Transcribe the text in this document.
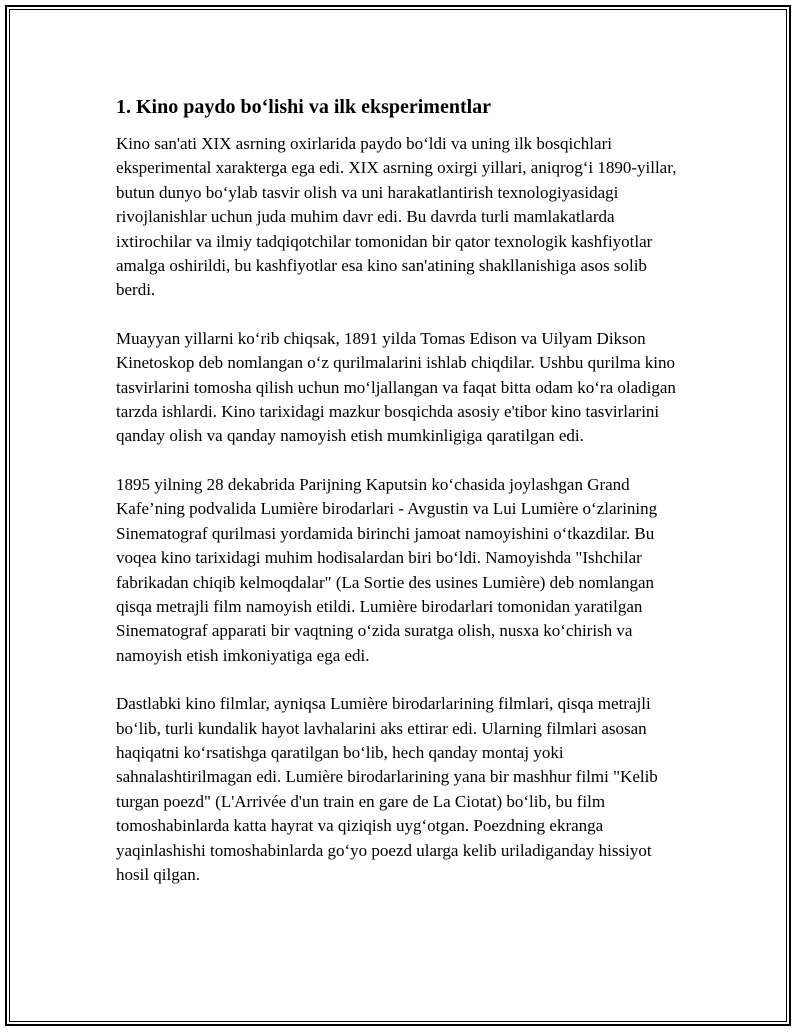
1. Kino paydo bo‘lishi va ilk eksperimentlar

Kino san'ati XIX asrning oxirlarida paydo bo‘ldi va uning ilk bosqichlari eksperimental xarakterga ega edi. XIX asrning oxirgi yillari, aniqrog‘i 1890-yillar, butun dunyo bo‘ylab tasvir olish va uni harakatlantirish texnologiyasidagi rivojlanishlar uchun juda muhim davr edi. Bu davrda turli mamlakatlarda ixtirochilar va ilmiy tadqiqotchilar tomonidan bir qator texnologik kashfiyotlar amalga oshirildi, bu kashfiyotlar esa kino san'atining shakllanishiga asos solib berdi.

Muayyan yillarni ko‘rib chiqsak, 1891 yilda Tomas Edison va Uilyam Dikson Kinetoskop deb nomlangan o‘z qurilmalarini ishlab chiqdilar. Ushbu qurilma kino tasvirlarini tomosha qilish uchun mo‘ljallangan va faqat bitta odam ko‘ra oladigan tarzda ishlardi. Kino tarixidagi mazkur bosqichda asosiy e'tibor kino tasvirlarini qanday olish va qanday namoyish etish mumkinligiga qaratilgan edi.

1895 yilning 28 dekabrida Parijning Kaputsin ko‘chasida joylashgan Grand Kafe’ning podvalida Lumière birodarlari - Avgustin va Lui Lumière o‘zlarining Sinematograf qurilmasi yordamida birinchi jamoat namoyishini o‘tkazdilar. Bu voqea kino tarixidagi muhim hodisalardan biri bo‘ldi. Namoyishda "Ishchilar fabrikadan chiqib kelmoqdalar" (La Sortie des usines Lumière) deb nomlangan qisqa metrajli film namoyish etildi. Lumière birodarlari tomonidan yaratilgan Sinematograf apparati bir vaqtning o‘zida suratga olish, nusxa ko‘chirish va namoyish etish imkoniyatiga ega edi.

Dastlabki kino filmlar, ayniqsa Lumière birodarlarining filmlari, qisqa metrajli bo‘lib, turli kundalik hayot lavhalarini aks ettirar edi. Ularning filmlari asosan haqiqatni ko‘rsatishga qaratilgan bo‘lib, hech qanday montaj yoki sahnalashtirilmagan edi. Lumière birodarlarining yana bir mashhur filmi "Kelib turgan poezd" (L'Arrivée d'un train en gare de La Ciotat) bo‘lib, bu film tomoshabinlarda katta hayrat va qiziqish uyg‘otgan. Poezdning ekranga yaqinlashishi tomoshabinlarda go‘yo poezd ularga kelib uriladiganday hissiyot hosil qilgan.
